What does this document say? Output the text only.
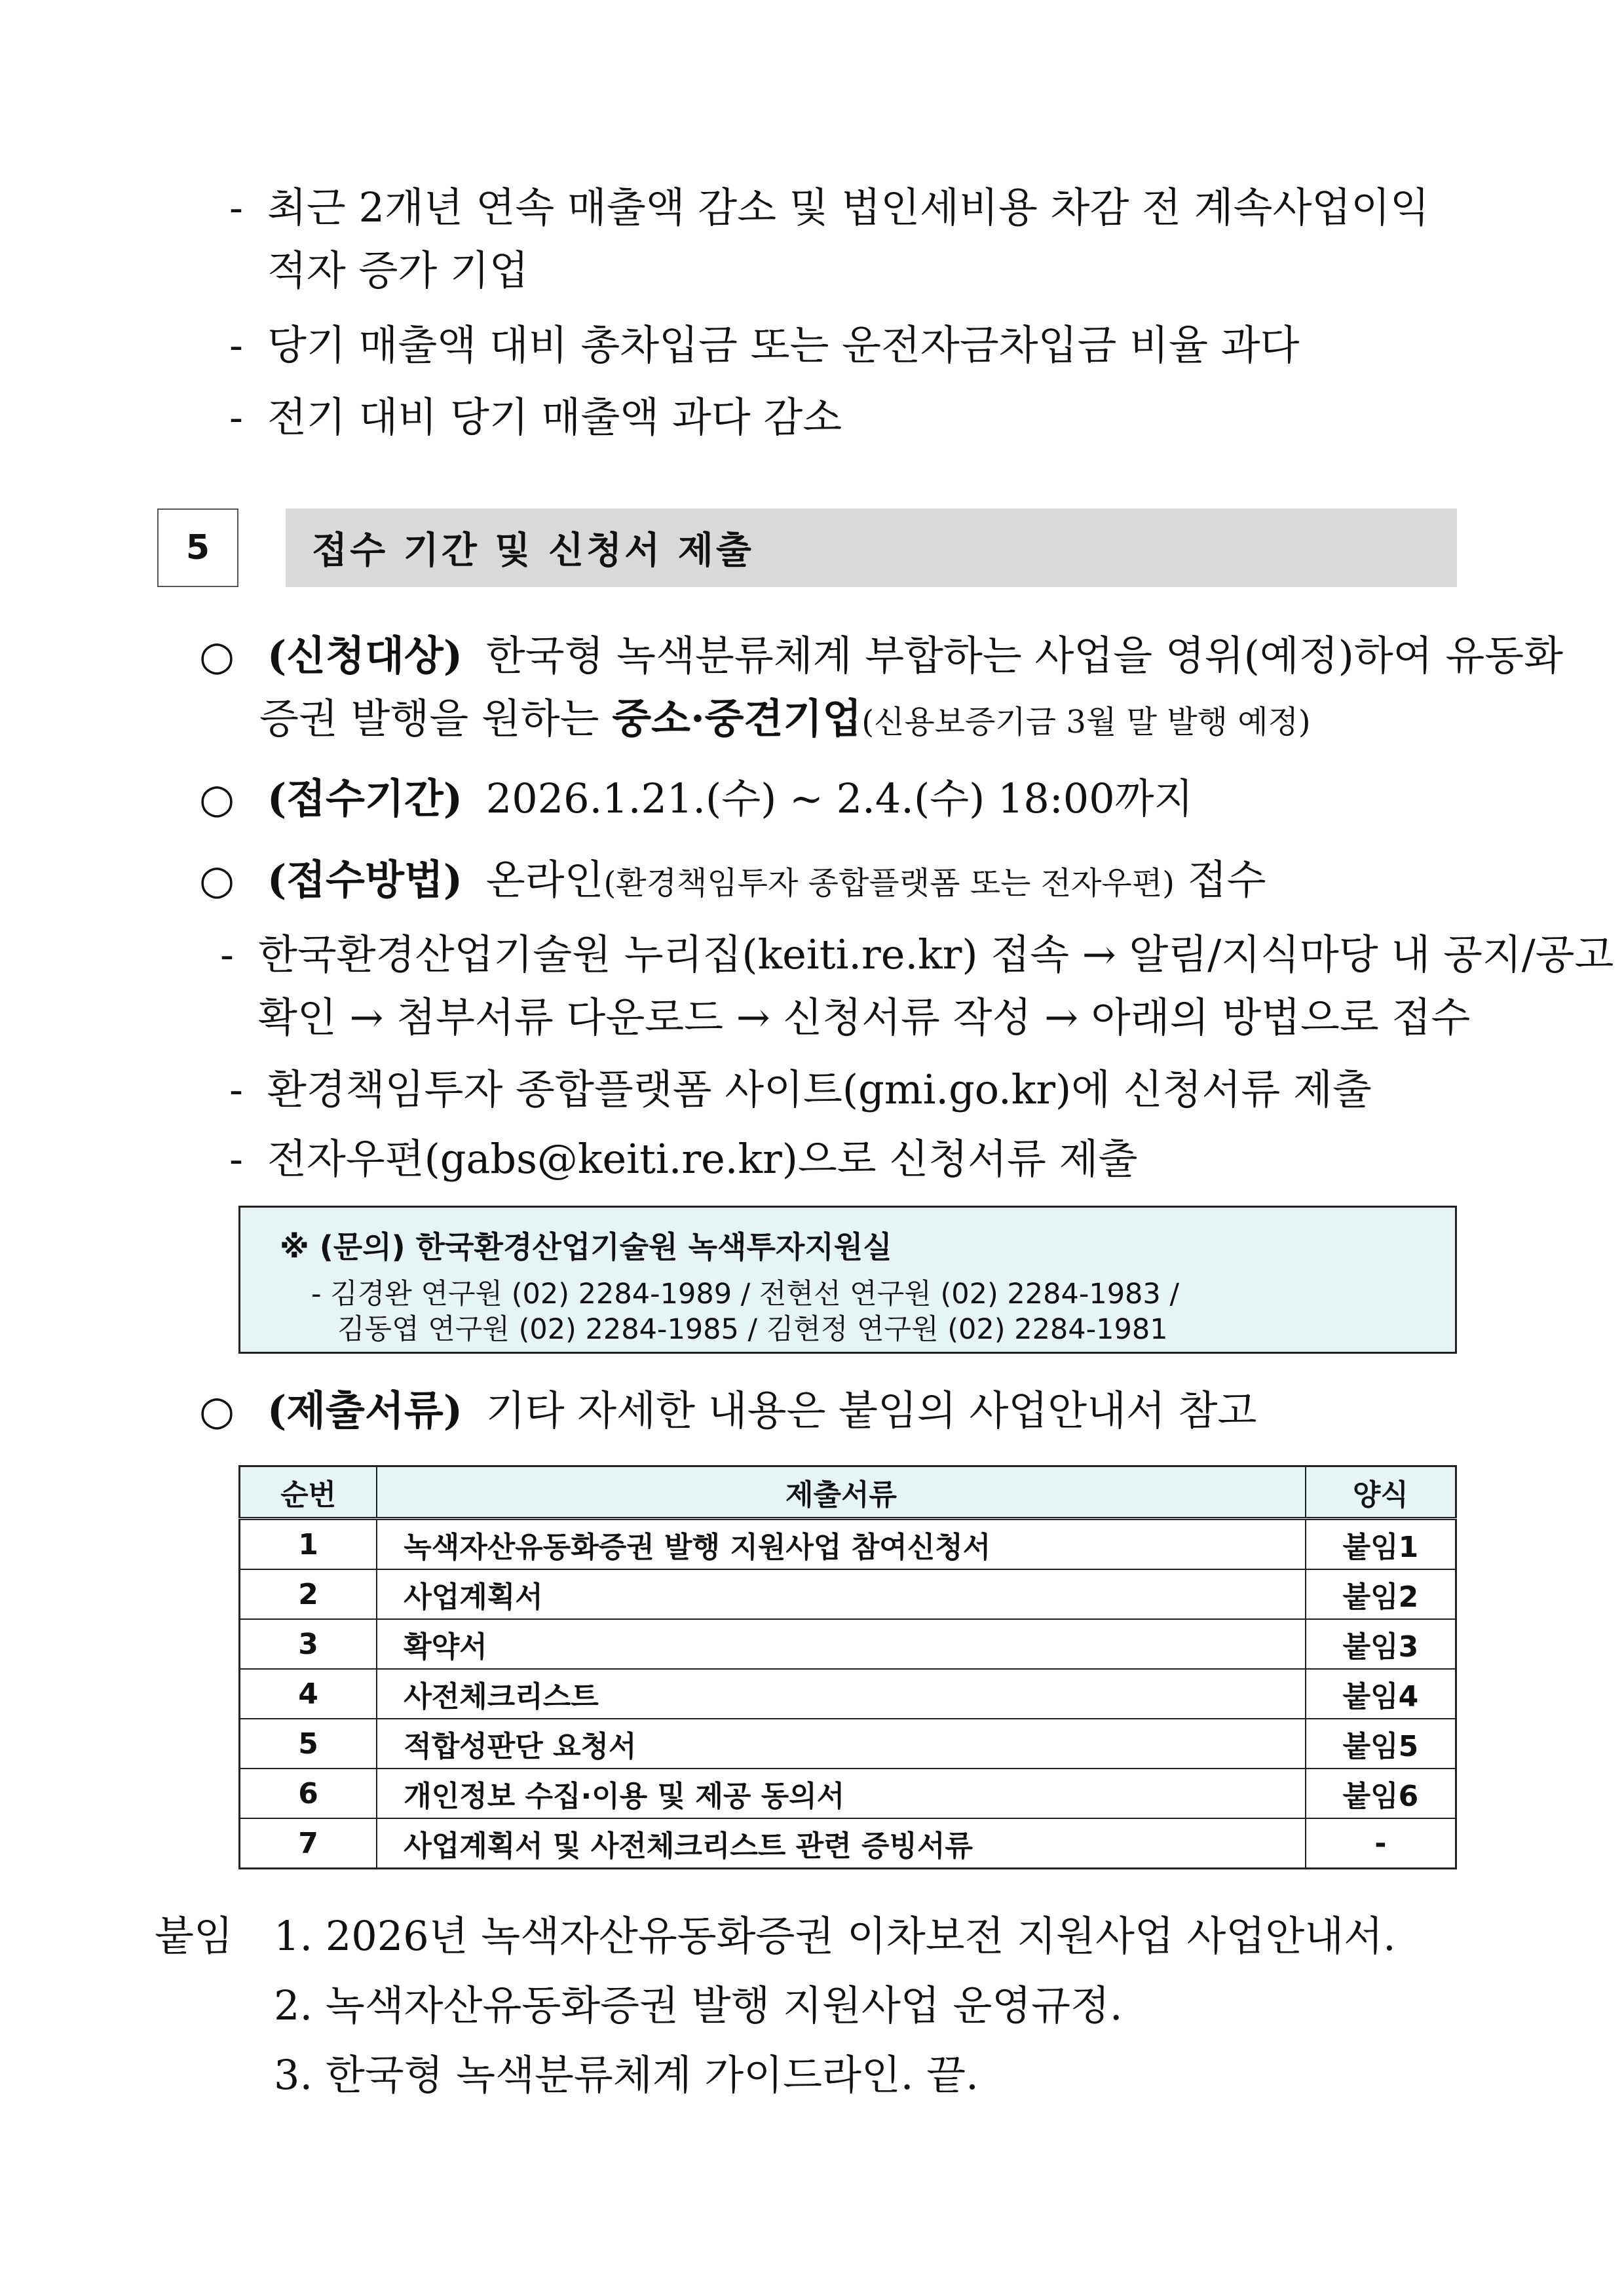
- 최근 2개년 연속 매출액 감소 및 법인세비용 차감 전 계속사업이익
적자 증가 기업
- 당기 매출액 대비 총차입금 또는 운전자금차입금 비율 과다
- 전기 대비 당기 매출액 과다 감소
5	접수 기간 및 신청서 제출
○ (신청대상) 한국형 녹색분류체계 부합하는 사업을 영위(예정)하여 유동화
증권 발행을 원하는 중소·중견기업(신용보증기금 3월 말 발행 예정)
○ (접수기간) 2026.1.21.(수) ~ 2.4.(수) 18:00까지
○ (접수방법) 온라인(환경책임투자 종합플랫폼 또는 전자우편) 접수
- 한국환경산업기술원 누리집(keiti.re.kr) 접속 → 알림/지식마당 내 공지/공고
확인 → 첨부서류 다운로드 → 신청서류 작성 → 아래의 방법으로 접수
- 환경책임투자 종합플랫폼 사이트(gmi.go.kr)에 신청서류 제출
- 전자우편(gabs@keiti.re.kr)으로 신청서류 제출
※ (문의) 한국환경산업기술원 녹색투자지원실
- 김경완 연구원 (02) 2284-1989 / 전현선 연구원 (02) 2284-1983 /
김동엽 연구원 (02) 2284-1985 / 김현정 연구원 (02) 2284-1981
○ (제출서류) 기타 자세한 내용은 붙임의 사업안내서 참고
순번	제출서류	양식
1	녹색자산유동화증권 발행 지원사업 참여신청서	붙임1
2	사업계획서	붙임2
3	확약서	붙임3
4	사전체크리스트	붙임4
5	적합성판단 요청서	붙임5
6	개인정보 수집·이용 및 제공 동의서	붙임6
7	사업계획서 및 사전체크리스트 관련 증빙서류	-
붙임 1. 2026년 녹색자산유동화증권 이차보전 지원사업 사업안내서.
2. 녹색자산유동화증권 발행 지원사업 운영규정.
3. 한국형 녹색분류체계 가이드라인. 끝.
